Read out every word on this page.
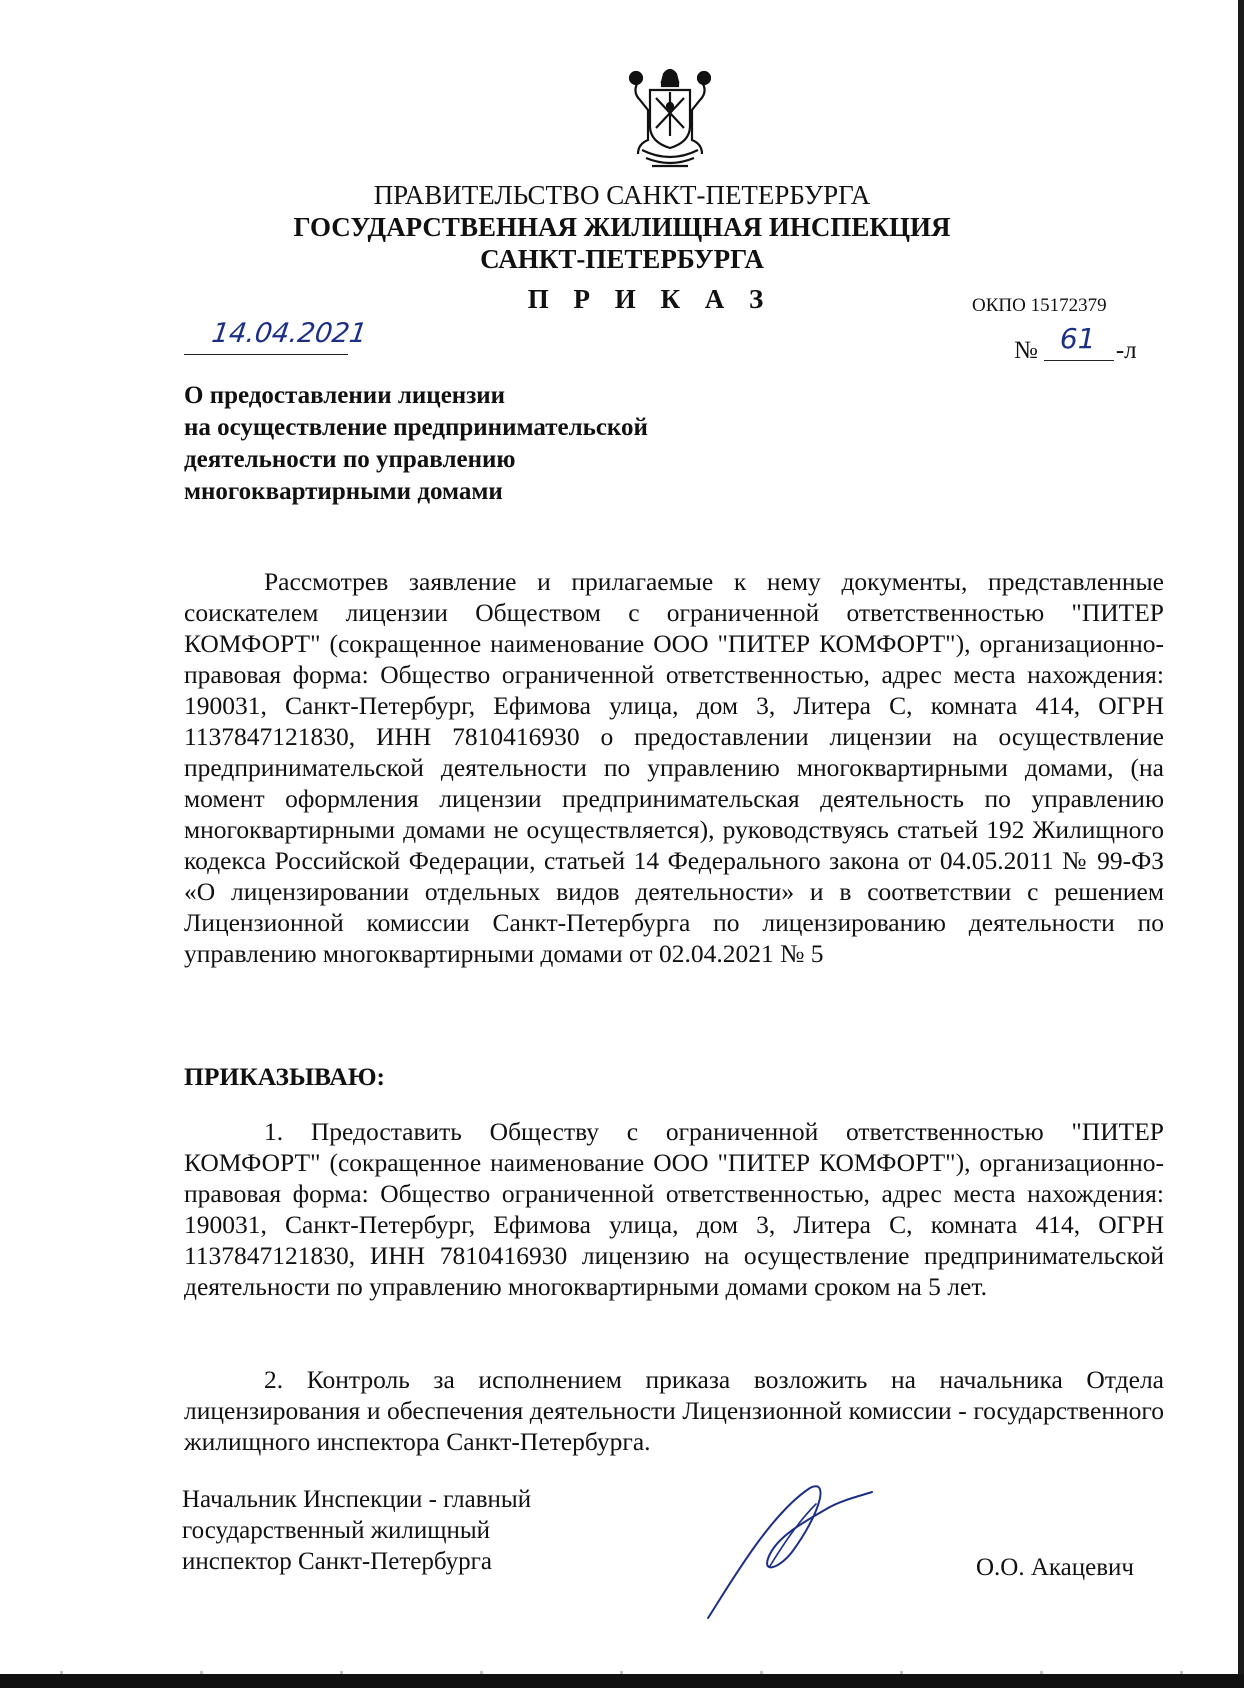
ПРАВИТЕЛЬСТВО САНКТ-ПЕТЕРБУРГА
ГОСУДАРСТВЕННАЯ ЖИЛИЩНАЯ ИНСПЕКЦИЯ
САНКТ-ПЕТЕРБУРГА
П Р И К А З	ОКПО 15172379
14.04.2021
№ 61 -л
О предоставлении лицензии
на осуществление предпринимательской
деятельности по управлению
многоквартирными домами
Рассмотрев заявление и прилагаемые к нему документы, представленные соискателем лицензии Обществом с ограниченной ответственностью "ПИТЕР КОМФОРТ" (сокращенное наименование ООО "ПИТЕР КОМФОРТ"), организационно-правовая форма: Общество ограниченной ответственностью, адрес места нахождения: 190031, Санкт-Петербург, Ефимова улица, дом 3, Литера С, комната 414, ОГРН 1137847121830, ИНН 7810416930 о предоставлении лицензии на осуществление предпринимательской деятельности по управлению многоквартирными домами, (на момент оформления лицензии предпринимательская деятельность по управлению многоквартирными домами не осуществляется), руководствуясь статьей 192 Жилищного кодекса Российской Федерации, статьей 14 Федерального закона от 04.05.2011 № 99-ФЗ «О лицензировании отдельных видов деятельности» и в соответствии с решением Лицензионной комиссии Санкт-Петербурга по лицензированию деятельности по управлению многоквартирными домами от 02.04.2021 № 5
ПРИКАЗЫВАЮ:
1. Предоставить Обществу с ограниченной ответственностью "ПИТЕР КОМФОРТ" (сокращенное наименование ООО "ПИТЕР КОМФОРТ"), организационно-правовая форма: Общество ограниченной ответственностью, адрес места нахождения: 190031, Санкт-Петербург, Ефимова улица, дом 3, Литера С, комната 414, ОГРН 1137847121830, ИНН 7810416930 лицензию на осуществление предпринимательской деятельности по управлению многоквартирными домами сроком на 5 лет.
2. Контроль за исполнением приказа возложить на начальника Отдела лицензирования и обеспечения деятельности Лицензионной комиссии - государственного жилищного инспектора Санкт-Петербурга.
Начальник Инспекции - главный
государственный жилищный
инспектор Санкт-Петербурга	О.О. Акацевич
